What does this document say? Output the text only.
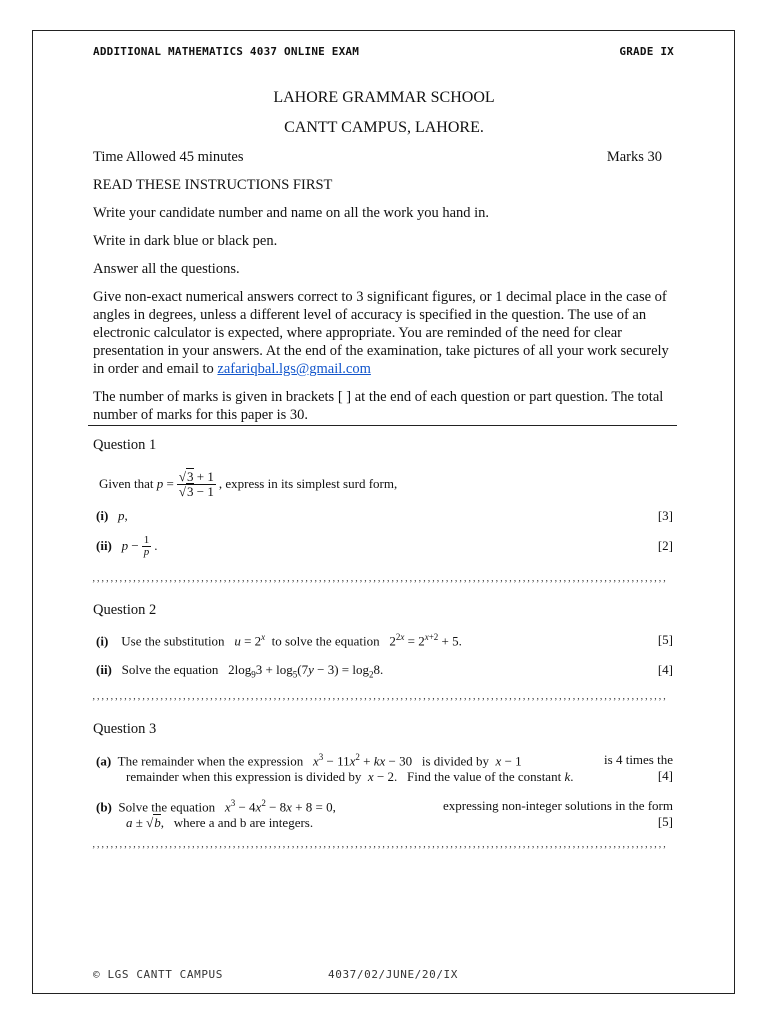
ADDITIONAL MATHEMATICS 4037 ONLINE EXAM	GRADE IX
LAHORE GRAMMAR SCHOOL
CANTT CAMPUS, LAHORE.
Time Allowed 45 minutes	Marks 30
READ THESE INSTRUCTIONS FIRST
Write your candidate number and name on all the work you hand in.
Write in dark blue or black pen.
Answer all the questions.
Give non-exact numerical answers correct to 3 significant figures, or 1 decimal place in the case of angles in degrees, unless a different level of accuracy is specified in the question. The use of an electronic calculator is expected, where appropriate. You are reminded of the need for clear presentation in your answers. At the end of the examination, take pictures of all your work securely in order and email to zafariqbal.lgs@gmail.com
The number of marks is given in brackets [ ] at the end of each question or part question. The total number of marks for this paper is 30.
Question 1
Given that
$p = \frac{√3 + 1}{√3 - 1}$ , express in its simplest surd form,
(i) p,	[3]
(ii)
$p - \frac{1}{p}$ .	[2]
‚‚‚‚‚‚‚‚‚‚‚‚‚‚‚‚‚‚‚‚‚‚‚‚‚‚‚‚‚‚‚‚‚‚‚‚‚‚‚‚‚‚‚‚‚‚‚‚‚‚‚‚‚‚‚‚‚‚‚‚‚‚‚‚‚‚‚‚‚‚‚‚‚‚‚‚‚‚‚‚‚‚‚‚‚‚‚‚‚‚‚‚‚‚‚‚‚‚‚‚‚‚‚‚‚‚‚‚‚‚‚‚‚‚‚‚‚‚‚‚‚‚‚‚‚‚‚
Question 2
(i) Use the substitution $u = 2^x$ to solve the equation   $2^{2x} = 2^{x+2} + 5$.	[5]
(ii) Solve the equation   $2\log_93 + \log_5(7y - 3) = \log_28$.	[4]
‚‚‚‚‚‚‚‚‚‚‚‚‚‚‚‚‚‚‚‚‚‚‚‚‚‚‚‚‚‚‚‚‚‚‚‚‚‚‚‚‚‚‚‚‚‚‚‚‚‚‚‚‚‚‚‚‚‚‚‚‚‚‚‚‚‚‚‚‚‚‚‚‚‚‚‚‚‚‚‚‚‚‚‚‚‚‚‚‚‚‚‚‚‚‚‚‚‚‚‚‚‚‚‚‚‚‚‚‚‚‚‚‚‚‚‚‚‚‚‚‚‚‚‚‚‚‚
Question 3
(a) The remainder when the expression $x^3 - 11x^2$ + kx − 30   is divided by x − 1	is 4 times the
remainder when this expression is divided by x − 2.   Find the value of the constant k.	[4]
(b) Solve the equation $x^3 - 4x^2 - 8x + 8 = 0$,	expressing non-integer solutions in the form
a ± √b,   where a and b are integers.	[5]
‚‚‚‚‚‚‚‚‚‚‚‚‚‚‚‚‚‚‚‚‚‚‚‚‚‚‚‚‚‚‚‚‚‚‚‚‚‚‚‚‚‚‚‚‚‚‚‚‚‚‚‚‚‚‚‚‚‚‚‚‚‚‚‚‚‚‚‚‚‚‚‚‚‚‚‚‚‚‚‚‚‚‚‚‚‚‚‚‚‚‚‚‚‚‚‚‚‚‚‚‚‚‚‚‚‚‚‚‚‚‚‚‚‚‚‚‚‚‚‚‚‚‚‚‚‚‚
© LGS CANTT CAMPUS	4037/02/JUNE/20/IX
